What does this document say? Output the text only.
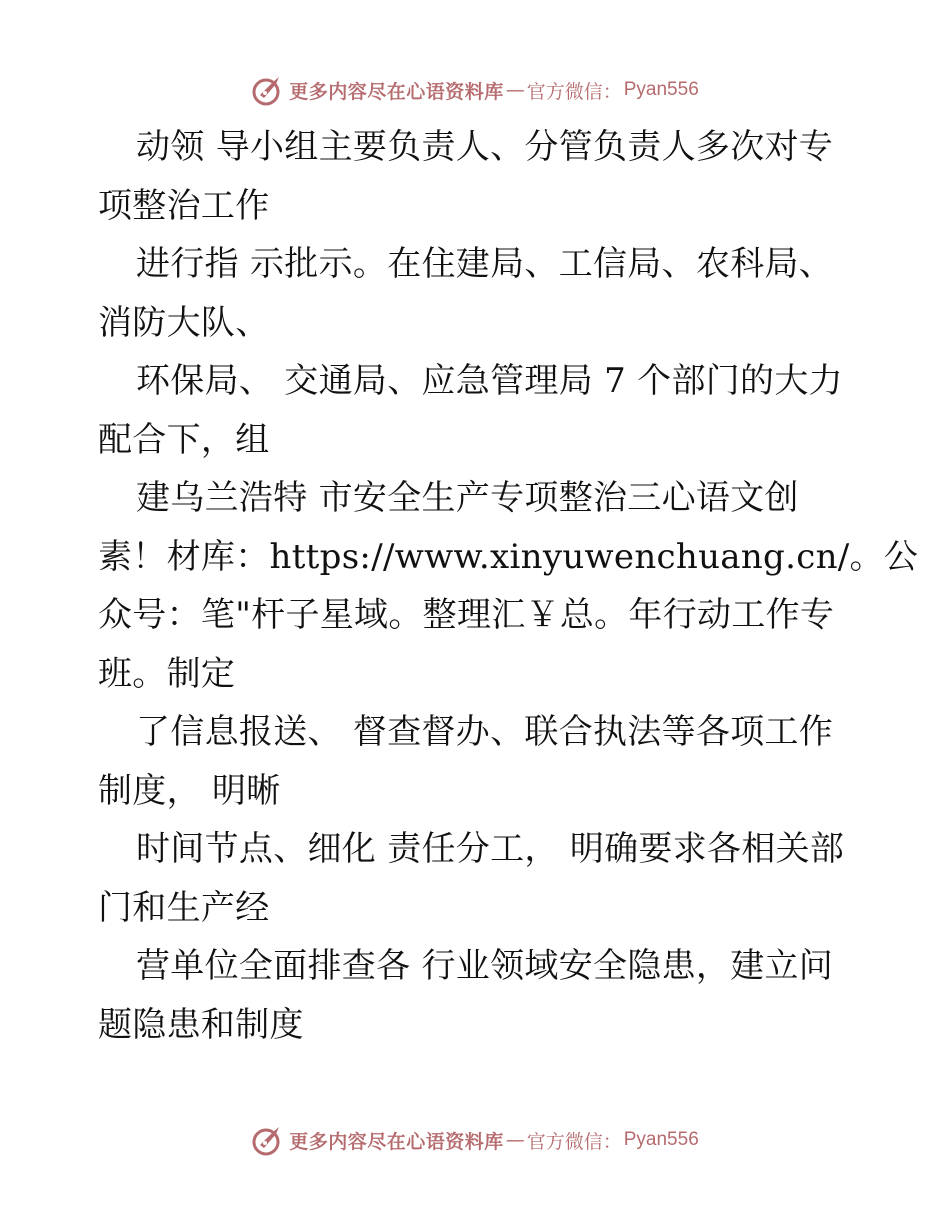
更多内容尽在心语资料库 — 官方微信： Pyan556
动领 导小组主要负责人、分管负责人多次对专
项整治工作
进行指 示批示。在住建局、工信局、农科局、
消防大队、
环保局、 交通局、应急管理局 7 个部门的大力
配合下，组
建乌兰浩特 市安全生产专项整治三心语文创
素！材库：https://www.xinyuwenchuang.cn/。公
众号：笔"杆子星域。整理汇￥总。年行动工作专
班。制定
了信息报送、 督查督办、联合执法等各项工作
制度， 明晰
时间节点、细化 责任分工， 明确要求各相关部
门和生产经
营单位全面排查各 行业领域安全隐患，建立问
题隐患和制度
更多内容尽在心语资料库 — 官方微信： Pyan556
